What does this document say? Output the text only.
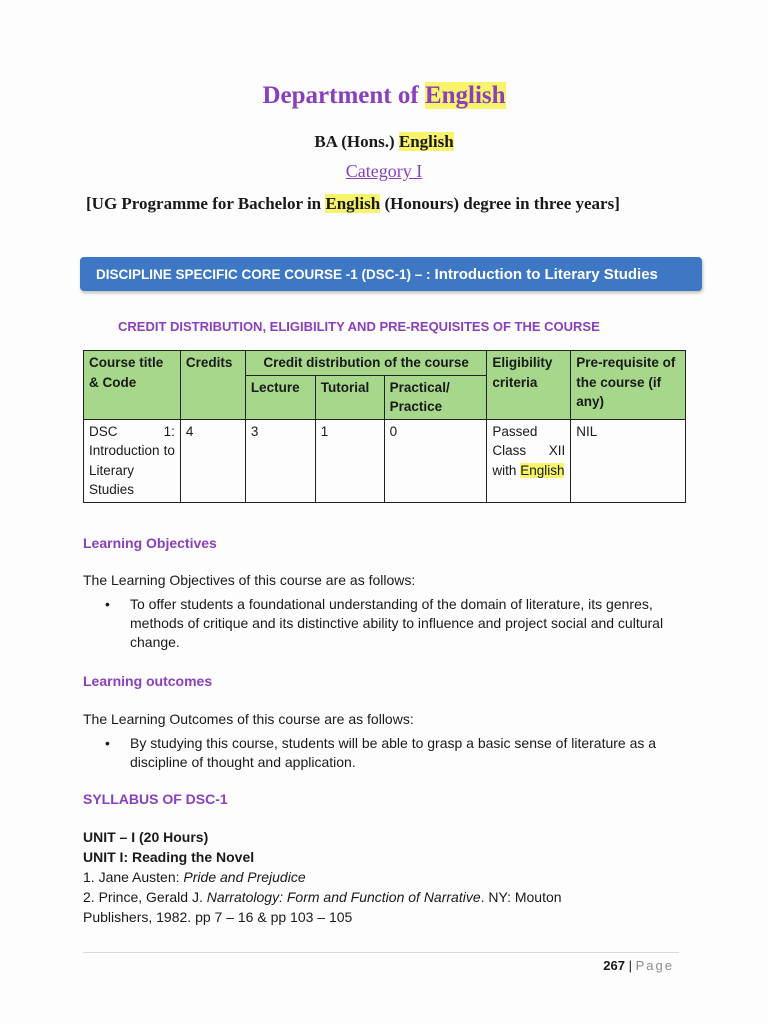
Department of English
BA (Hons.) English
Category I
[UG Programme for Bachelor in English (Honours) degree in three years]
DISCIPLINE SPECIFIC CORE COURSE -1 (DSC-1) – : Introduction to Literary Studies
CREDIT DISTRIBUTION, ELIGIBILITY AND PRE-REQUISITES OF THE COURSE
Course title & Code	Credits	Credit distribution of the course			Eligibility criteria	Pre-requisite of the course (if any)
		Lecture	Tutorial	Practical/ Practice		
DSC 1: Introduction to Literary Studies	4	3	1	0	Passed Class XII with English	NIL
Learning Objectives
The Learning Objectives of this course are as follows:
• To offer students a foundational understanding of the domain of literature, its genres, methods of critique and its distinctive ability to influence and project social and cultural change.
Learning outcomes
The Learning Outcomes of this course are as follows:
• By studying this course, students will be able to grasp a basic sense of literature as a discipline of thought and application.
SYLLABUS OF DSC-1
UNIT – I (20 Hours)
UNIT I: Reading the Novel
1. Jane Austen: Pride and Prejudice
2. Prince, Gerald J. Narratology: Form and Function of Narrative. NY: Mouton
Publishers, 1982. pp 7 – 16 & pp 103 – 105
267 | Page
